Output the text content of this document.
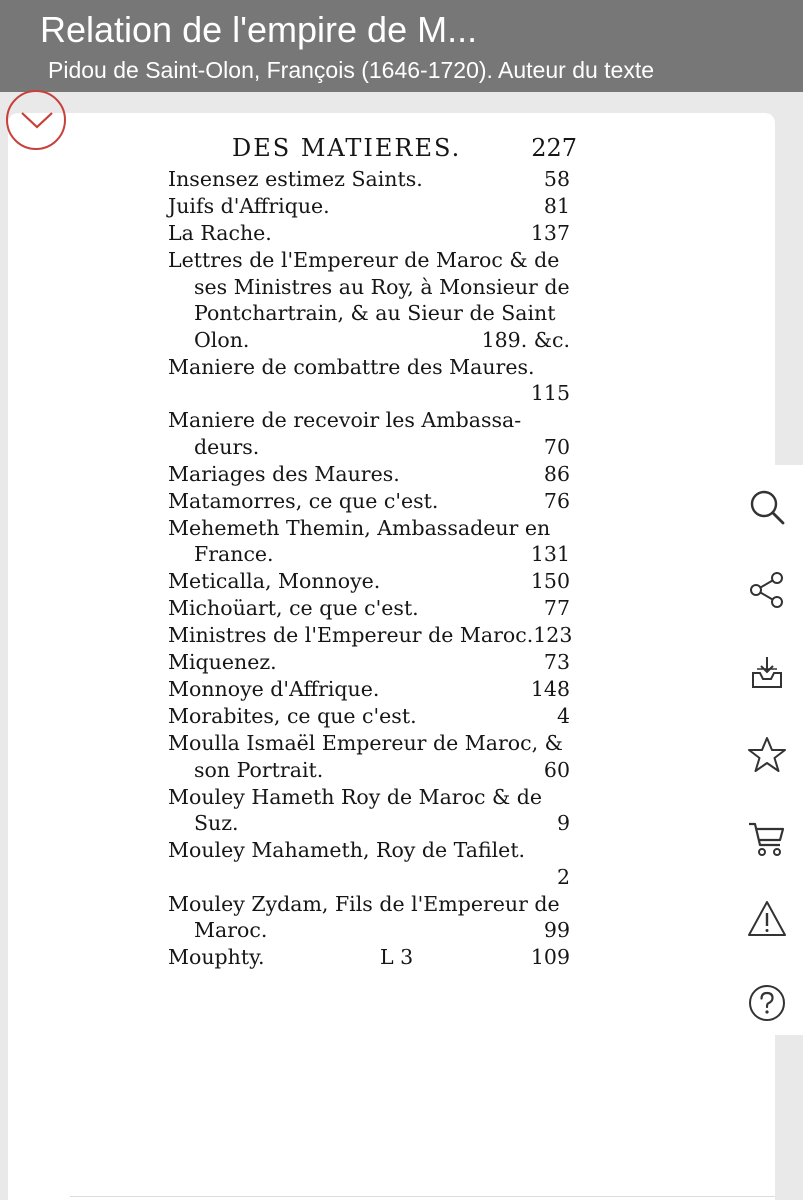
Relation de l'empire de M...
Pidou de Saint-Olon, François (1646-1720). Auteur du texte
DES MATIERES.	227
Insensez estimez Saints.	58
Juifs d'Affrique.	81
La Rache.	137
Lettres de l'Empereur de Maroc & de
ses Ministres au Roy, à Monsieur de
Pontchartrain, & au Sieur de Saint
Olon.	189. &c.
Maniere de combattre des Maures.
115
Maniere de recevoir les Ambassa-
deurs.	70
Mariages des Maures.	86
Matamorres, ce que c'est.	76
Mehemeth Themin, Ambassadeur en
France.	131
Meticalla, Monnoye.	150
Michoüart, ce que c'est.	77
Ministres de l'Empereur de Maroc. 123
Miquenez.	73
Monnoye d'Affrique.	148
Morabites, ce que c'est.	4
Moulla Ismaël Empereur de Maroc, &
son Portrait.	60
Mouley Hameth Roy de Maroc & de
Suz.	9
Mouley Mahameth, Roy de Tafilet.
2
Mouley Zydam, Fils de l'Empereur de
Maroc.	99
Mouphty.	109
L 3
